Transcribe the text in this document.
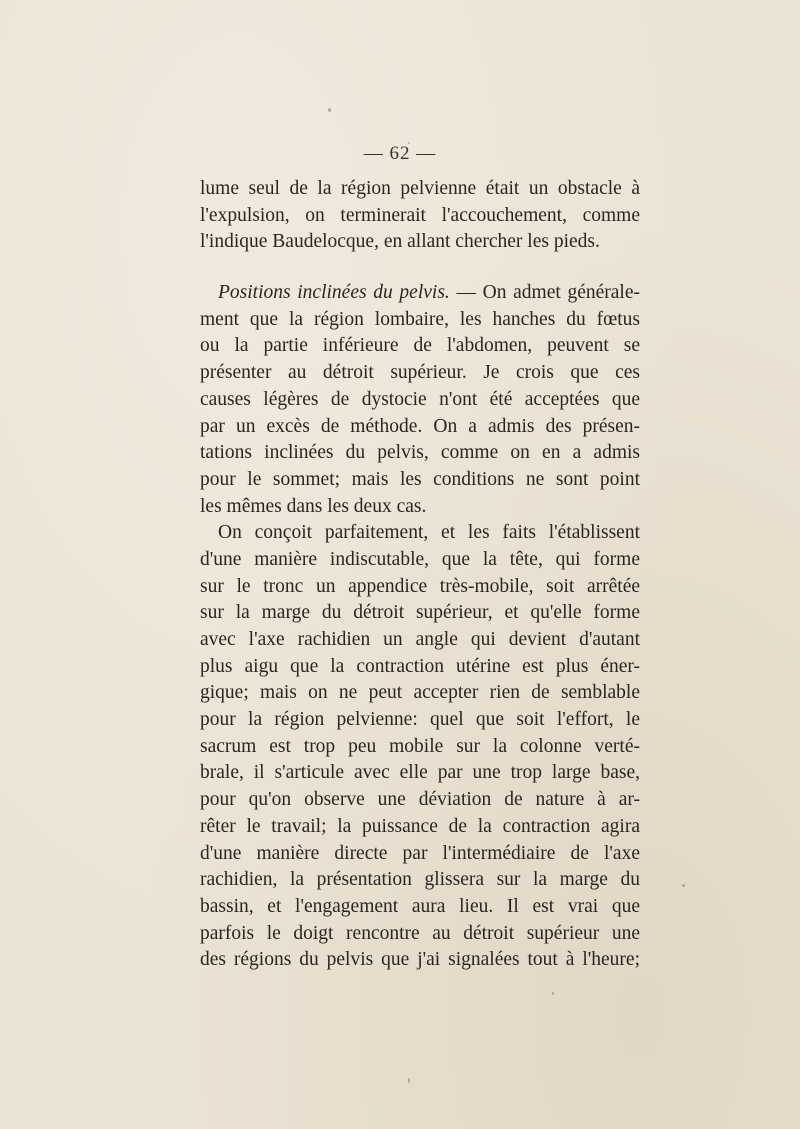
— 62 —
lume seul de la région pelvienne était un obstacle à
l'expulsion, on terminerait l'accouchement, comme
l'indique Baudelocque, en allant chercher les pieds.
Positions inclinées du pelvis. — On admet générale-
ment que la région lombaire, les hanches du fœtus
ou la partie inférieure de l'abdomen, peuvent se
présenter au détroit supérieur. Je crois que ces
causes légères de dystocie n'ont été acceptées que
par un excès de méthode. On a admis des présen-
tations inclinées du pelvis, comme on en a admis
pour le sommet; mais les conditions ne sont point
les mêmes dans les deux cas.
On conçoit parfaitement, et les faits l'établissent
d'une manière indiscutable, que la tête, qui forme
sur le tronc un appendice très-mobile, soit arrêtée
sur la marge du détroit supérieur, et qu'elle forme
avec l'axe rachidien un angle qui devient d'autant
plus aigu que la contraction utérine est plus éner-
gique; mais on ne peut accepter rien de semblable
pour la région pelvienne: quel que soit l'effort, le
sacrum est trop peu mobile sur la colonne verté-
brale, il s'articule avec elle par une trop large base,
pour qu'on observe une déviation de nature à ar-
rêter le travail; la puissance de la contraction agira
d'une manière directe par l'intermédiaire de l'axe
rachidien, la présentation glissera sur la marge du
bassin, et l'engagement aura lieu. Il est vrai que
parfois le doigt rencontre au détroit supérieur une
des régions du pelvis que j'ai signalées tout à l'heure;
